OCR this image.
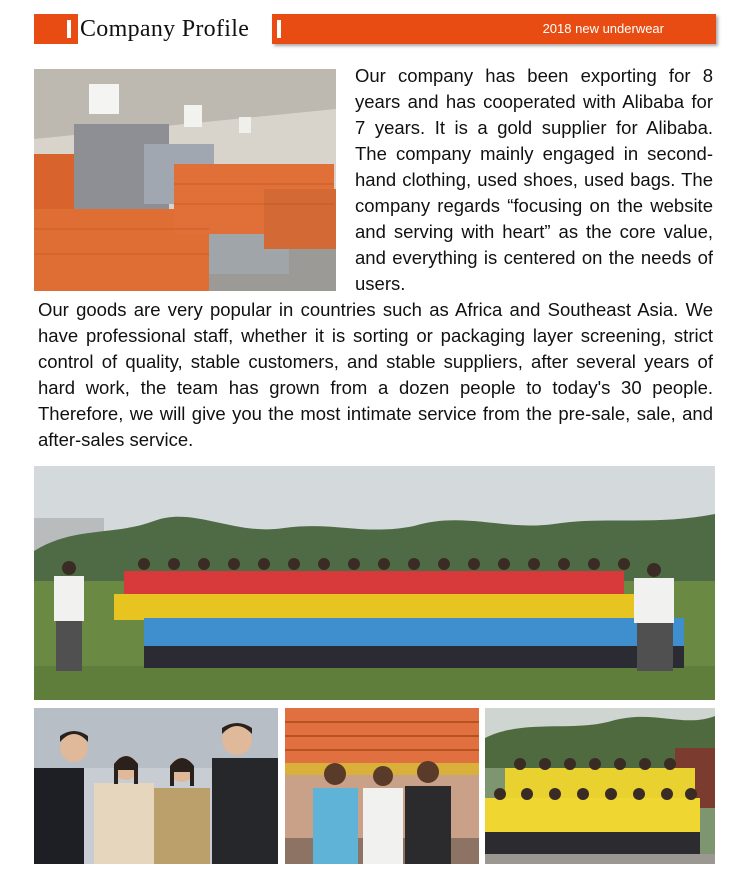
Company Profile	2018 new underwear

Our company has been exporting for 8 years and has cooperated with Alibaba for 7 years. It is a gold supplier for Alibaba. The company mainly engaged in second-hand clothing, used shoes, used bags. The company regards “focusing on the website and serving with heart” as the core value, and everything is centered on the needs of users.

Our goods are very popular in countries such as Africa and Southeast Asia. We have professional staff, whether it is sorting or packaging layer screening, strict control of quality, stable customers, and stable suppliers, after several years of hard work, the team has grown from a dozen people to today's 30 people. Therefore, we will give you the most intimate service from the pre-sale, sale, and after-sales service.
